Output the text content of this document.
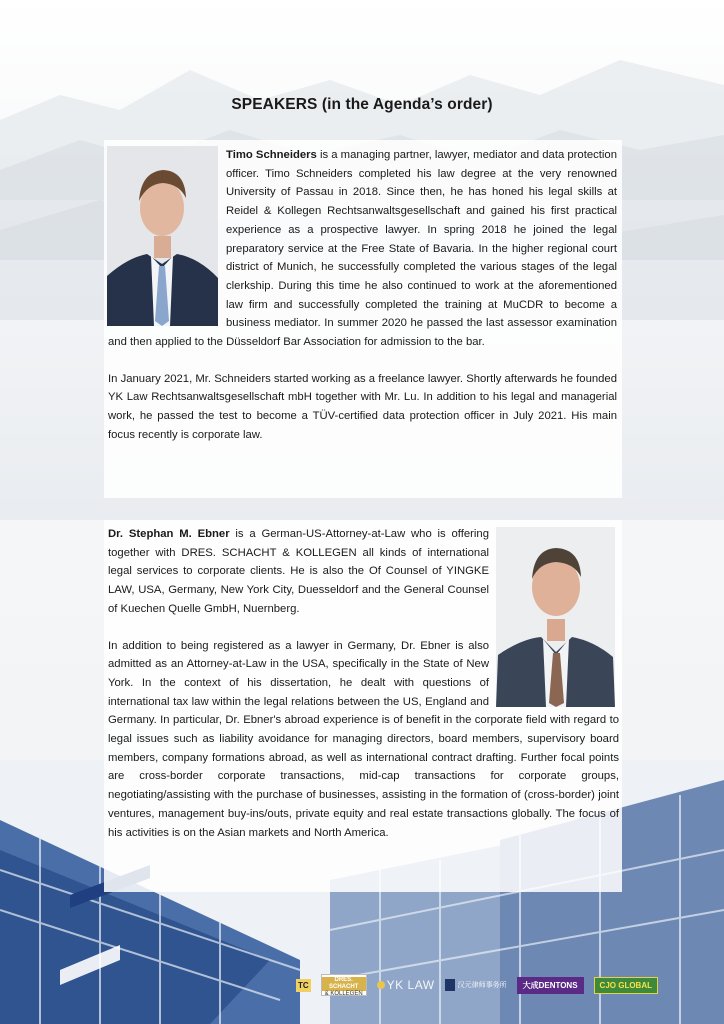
SPEAKERS (in the Agenda’s order)

Timo Schneiders is a managing partner, lawyer, mediator and data protection officer. Timo Schneiders completed his law degree at the very renowned University of Passau in 2018. Since then, he has honed his legal skills at Reidel & Kollegen Rechtsanwaltsgesellschaft and gained his first practical experience as a prospective lawyer. In spring 2018 he joined the legal preparatory service at the Free State of Bavaria. In the higher regional court district of Munich, he successfully completed the various stages of the legal clerkship. During this time he also continued to work at the aforementioned law firm and successfully completed the training at MuCDR to become a business mediator. In summer 2020 he passed the last assessor examination and then applied to the Düsseldorf Bar Association for admission to the bar.

In January 2021, Mr. Schneiders started working as a freelance lawyer. Shortly afterwards he founded YK Law Rechtsanwaltsgesellschaft mbH together with Mr. Lu. In addition to his legal and managerial work, he passed the test to become a TÜV-certified data protection officer in July 2021. His main focus recently is corporate law.

Dr. Stephan M. Ebner is a German-US-Attorney-at-Law who is offering together with DRES. SCHACHT & KOLLEGEN all kinds of international legal services to corporate clients. He is also the Of Counsel of YINGKE LAW, USA, Germany, New York City, Duesseldorf and the General Counsel of Kuechen Quelle GmbH, Nuernberg.

In addition to being registered as a lawyer in Germany, Dr. Ebner is also admitted as an Attorney-at-Law in the USA, specifically in the State of New York. In the context of his dissertation, he dealt with questions of international tax law within the legal relations between the US, England and Germany. In particular, Dr. Ebner's abroad experience is of benefit in the corporate field with regard to legal issues such as liability avoidance for managing directors, board members, supervisory board members, company formations abroad, as well as international contract drafting. Further focal points are cross-border corporate transactions, mid-cap transactions for corporate groups, negotiating/assisting with the purchase of businesses, assisting in the formation of (cross-border) joint ventures, management buy-ins/outs, private equity and real estate transactions globally. The focus of his activities is on the Asian markets and North America.

TC
DRES. SCHACHT
& KOLLEGEN
YK LAW	汉元律师事务所	大成DENTONS	CJO GLOBAL
